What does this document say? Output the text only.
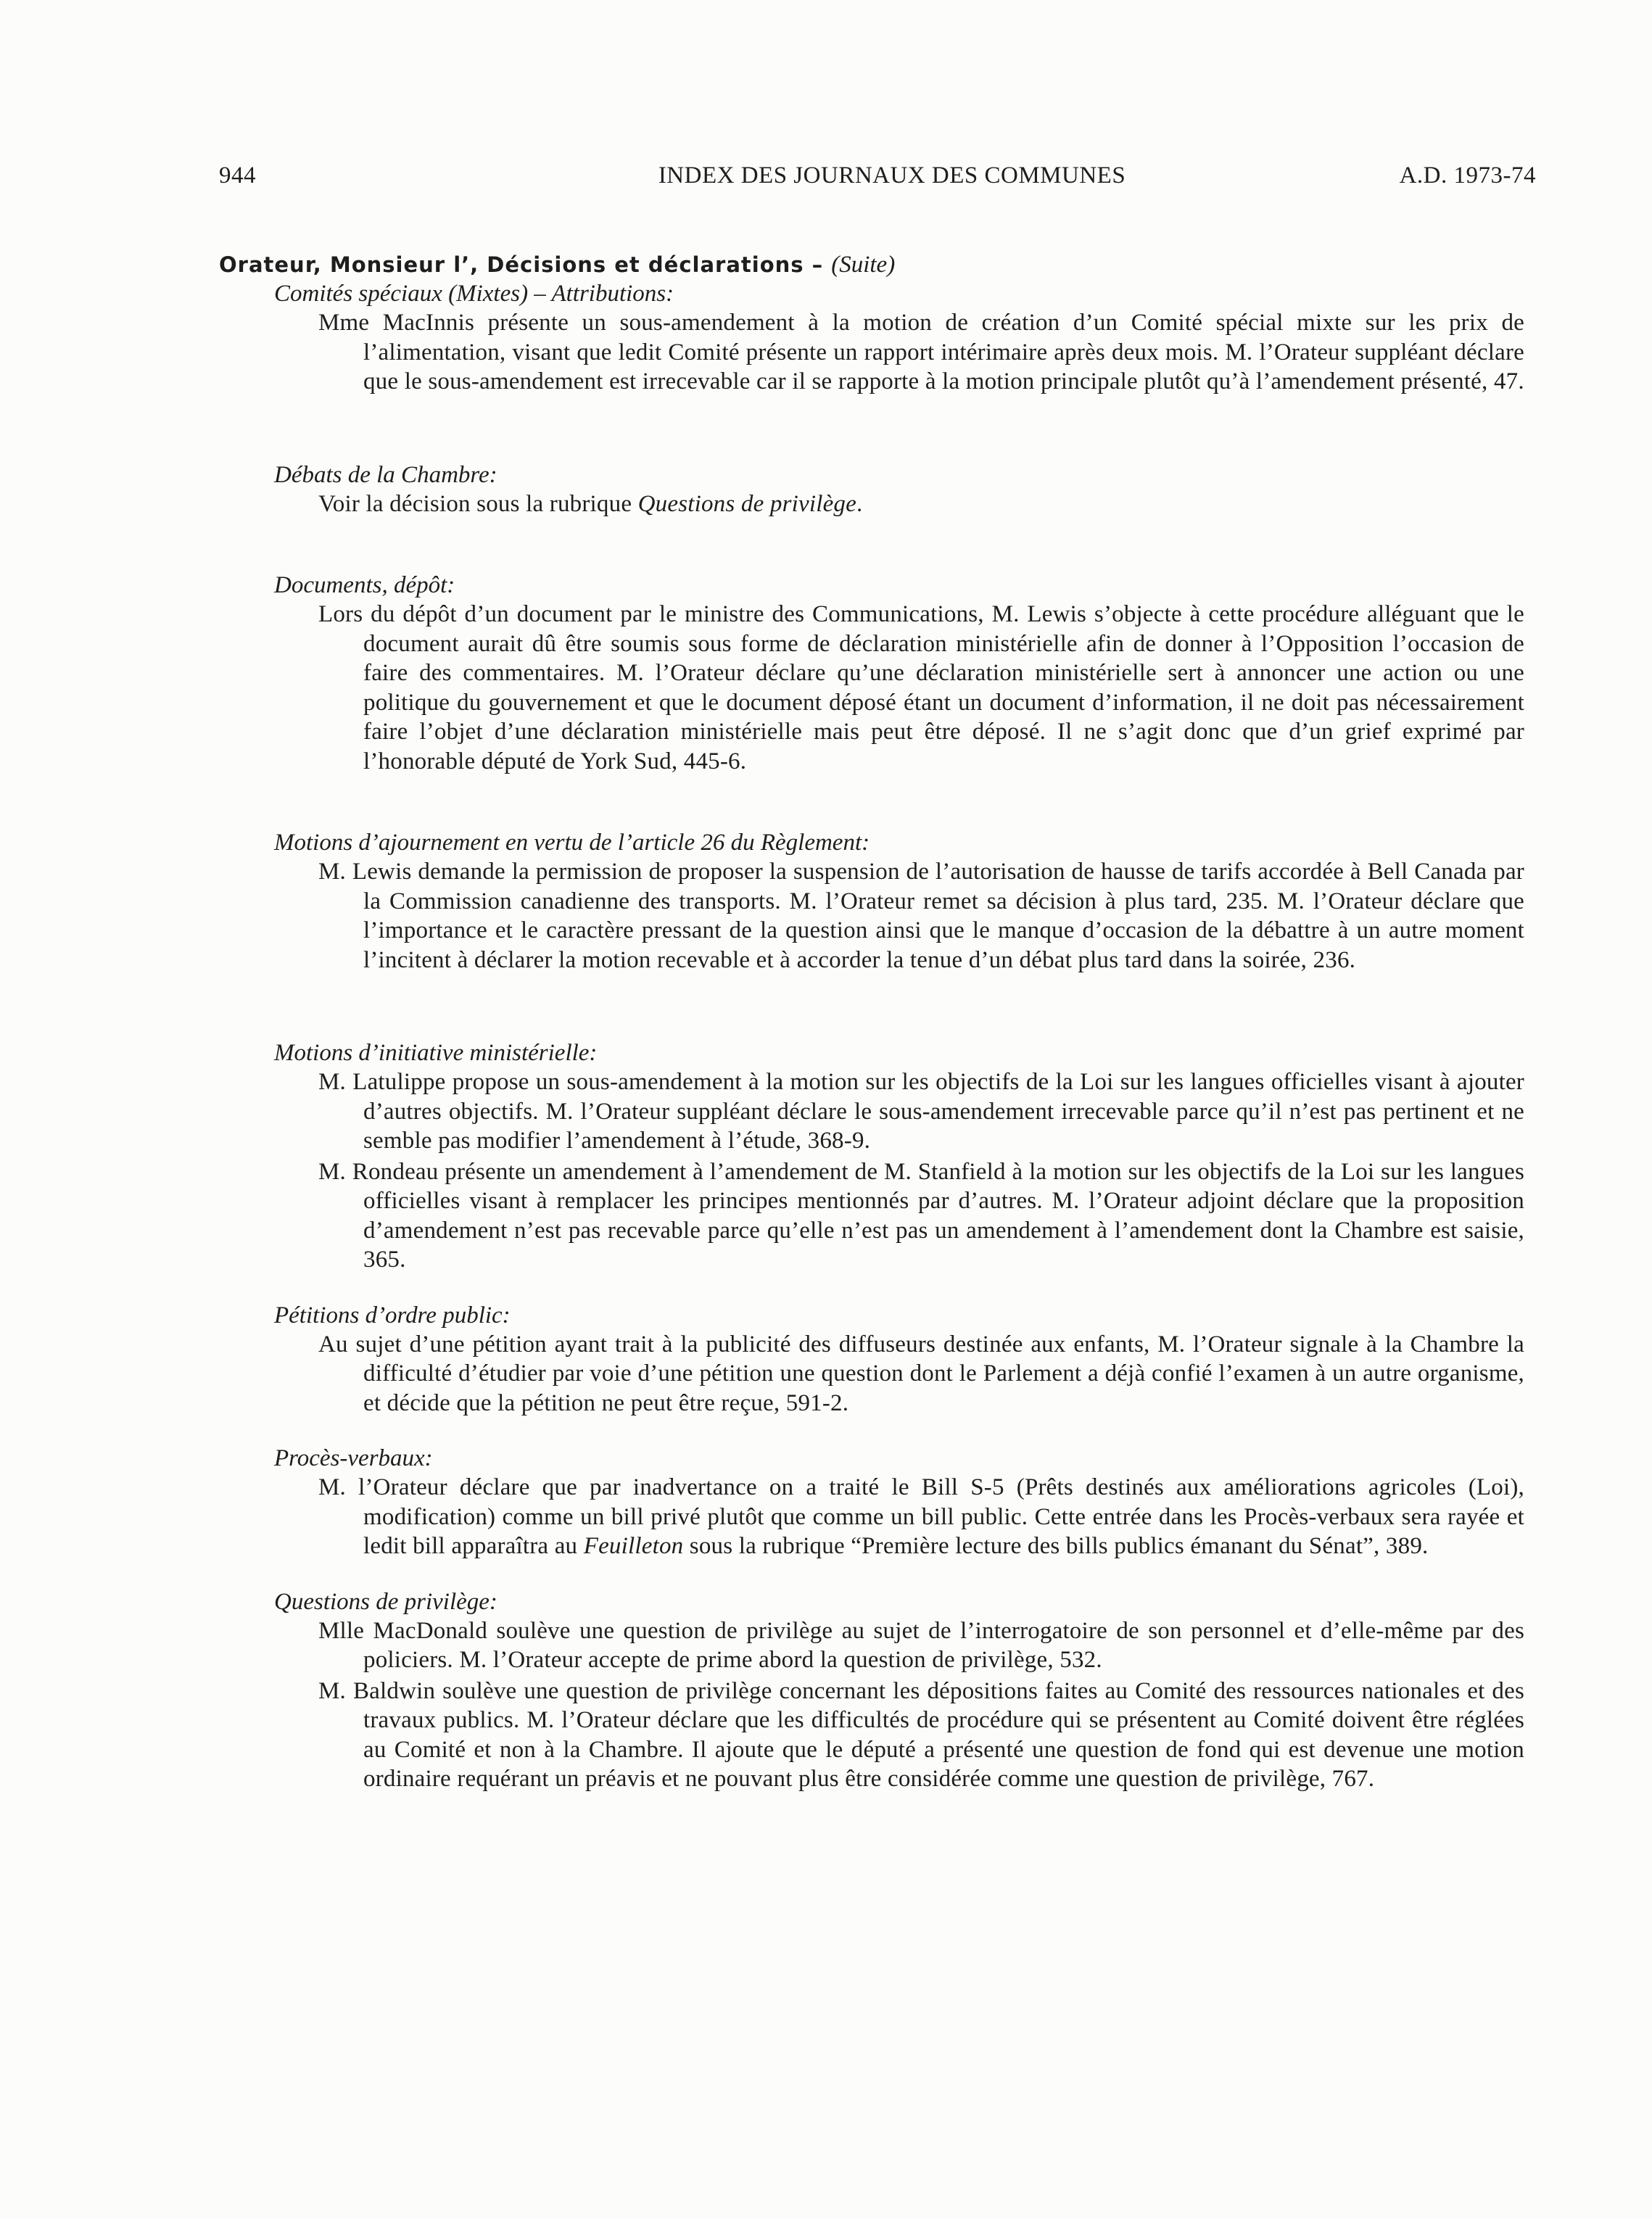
944	INDEX DES JOURNAUX DES COMMUNES	A.D. 1973-74
Orateur, Monsieur l’, Décisions et déclarations – (Suite)

Comités spéciaux (Mixtes) – Attributions:

Mme MacInnis présente un sous-amendement à la motion de création d’un Comité spécial mixte sur les prix de l’alimentation, visant que ledit Comité présente un rapport intérimaire après deux mois. M. l’Orateur suppléant déclare que le sous-amendement est irrecevable car il se rapporte à la motion principale plutôt qu’à l’amendement présenté, 47.

Débats de la Chambre:

Voir la décision sous la rubrique Questions de privilège.

Documents, dépôt:

Lors du dépôt d’un document par le ministre des Communications, M. Lewis s’objecte à cette procédure alléguant que le document aurait dû être soumis sous forme de déclaration ministérielle afin de donner à l’Opposition l’occasion de faire des commentaires. M. l’Orateur déclare qu’une déclaration ministérielle sert à annoncer une action ou une politique du gouvernement et que le document déposé étant un document d’information, il ne doit pas nécessairement faire l’objet d’une déclaration ministérielle mais peut être déposé. Il ne s’agit donc que d’un grief exprimé par l’honorable député de York Sud, 445-6.

Motions d’ajournement en vertu de l’article 26 du Règlement:

M. Lewis demande la permission de proposer la suspension de l’autorisation de hausse de tarifs accordée à Bell Canada par la Commission canadienne des transports. M. l’Orateur remet sa décision à plus tard, 235. M. l’Orateur déclare que l’importance et le caractère pressant de la question ainsi que le manque d’occasion de la débattre à un autre moment l’incitent à déclarer la motion recevable et à accorder la tenue d’un débat plus tard dans la soirée, 236.

Motions d’initiative ministérielle:

M. Latulippe propose un sous-amendement à la motion sur les objectifs de la Loi sur les langues officielles visant à ajouter d’autres objectifs. M. l’Orateur suppléant déclare le sous-amendement irrecevable parce qu’il n’est pas pertinent et ne semble pas modifier l’amendement à l’étude, 368-9.

M. Rondeau présente un amendement à l’amendement de M. Stanfield à la motion sur les objectifs de la Loi sur les langues officielles visant à remplacer les principes mentionnés par d’autres. M. l’Orateur adjoint déclare que la proposition d’amendement n’est pas recevable parce qu’elle n’est pas un amendement à l’amendement dont la Chambre est saisie, 365.

Pétitions d’ordre public:

Au sujet d’une pétition ayant trait à la publicité des diffuseurs destinée aux enfants, M. l’Orateur signale à la Chambre la difficulté d’étudier par voie d’une pétition une question dont le Parlement a déjà confié l’examen à un autre organisme, et décide que la pétition ne peut être reçue, 591-2.

Procès-verbaux:

M. l’Orateur déclare que par inadvertance on a traité le Bill S-5 (Prêts destinés aux améliorations agricoles (Loi), modification) comme un bill privé plutôt que comme un bill public. Cette entrée dans les Procès-verbaux sera rayée et ledit bill apparaîtra au Feuilleton sous la rubrique “Première lecture des bills publics émanant du Sénat”, 389.

Questions de privilège:

Mlle MacDonald soulève une question de privilège au sujet de l’interrogatoire de son personnel et d’elle-même par des policiers. M. l’Orateur accepte de prime abord la question de privilège, 532.

M. Baldwin soulève une question de privilège concernant les dépositions faites au Comité des ressources nationales et des travaux publics. M. l’Orateur déclare que les difficultés de procédure qui se présentent au Comité doivent être réglées au Comité et non à la Chambre. Il ajoute que le député a présenté une question de fond qui est devenue une motion ordinaire requérant un préavis et ne pouvant plus être considérée comme une question de privilège, 767.
